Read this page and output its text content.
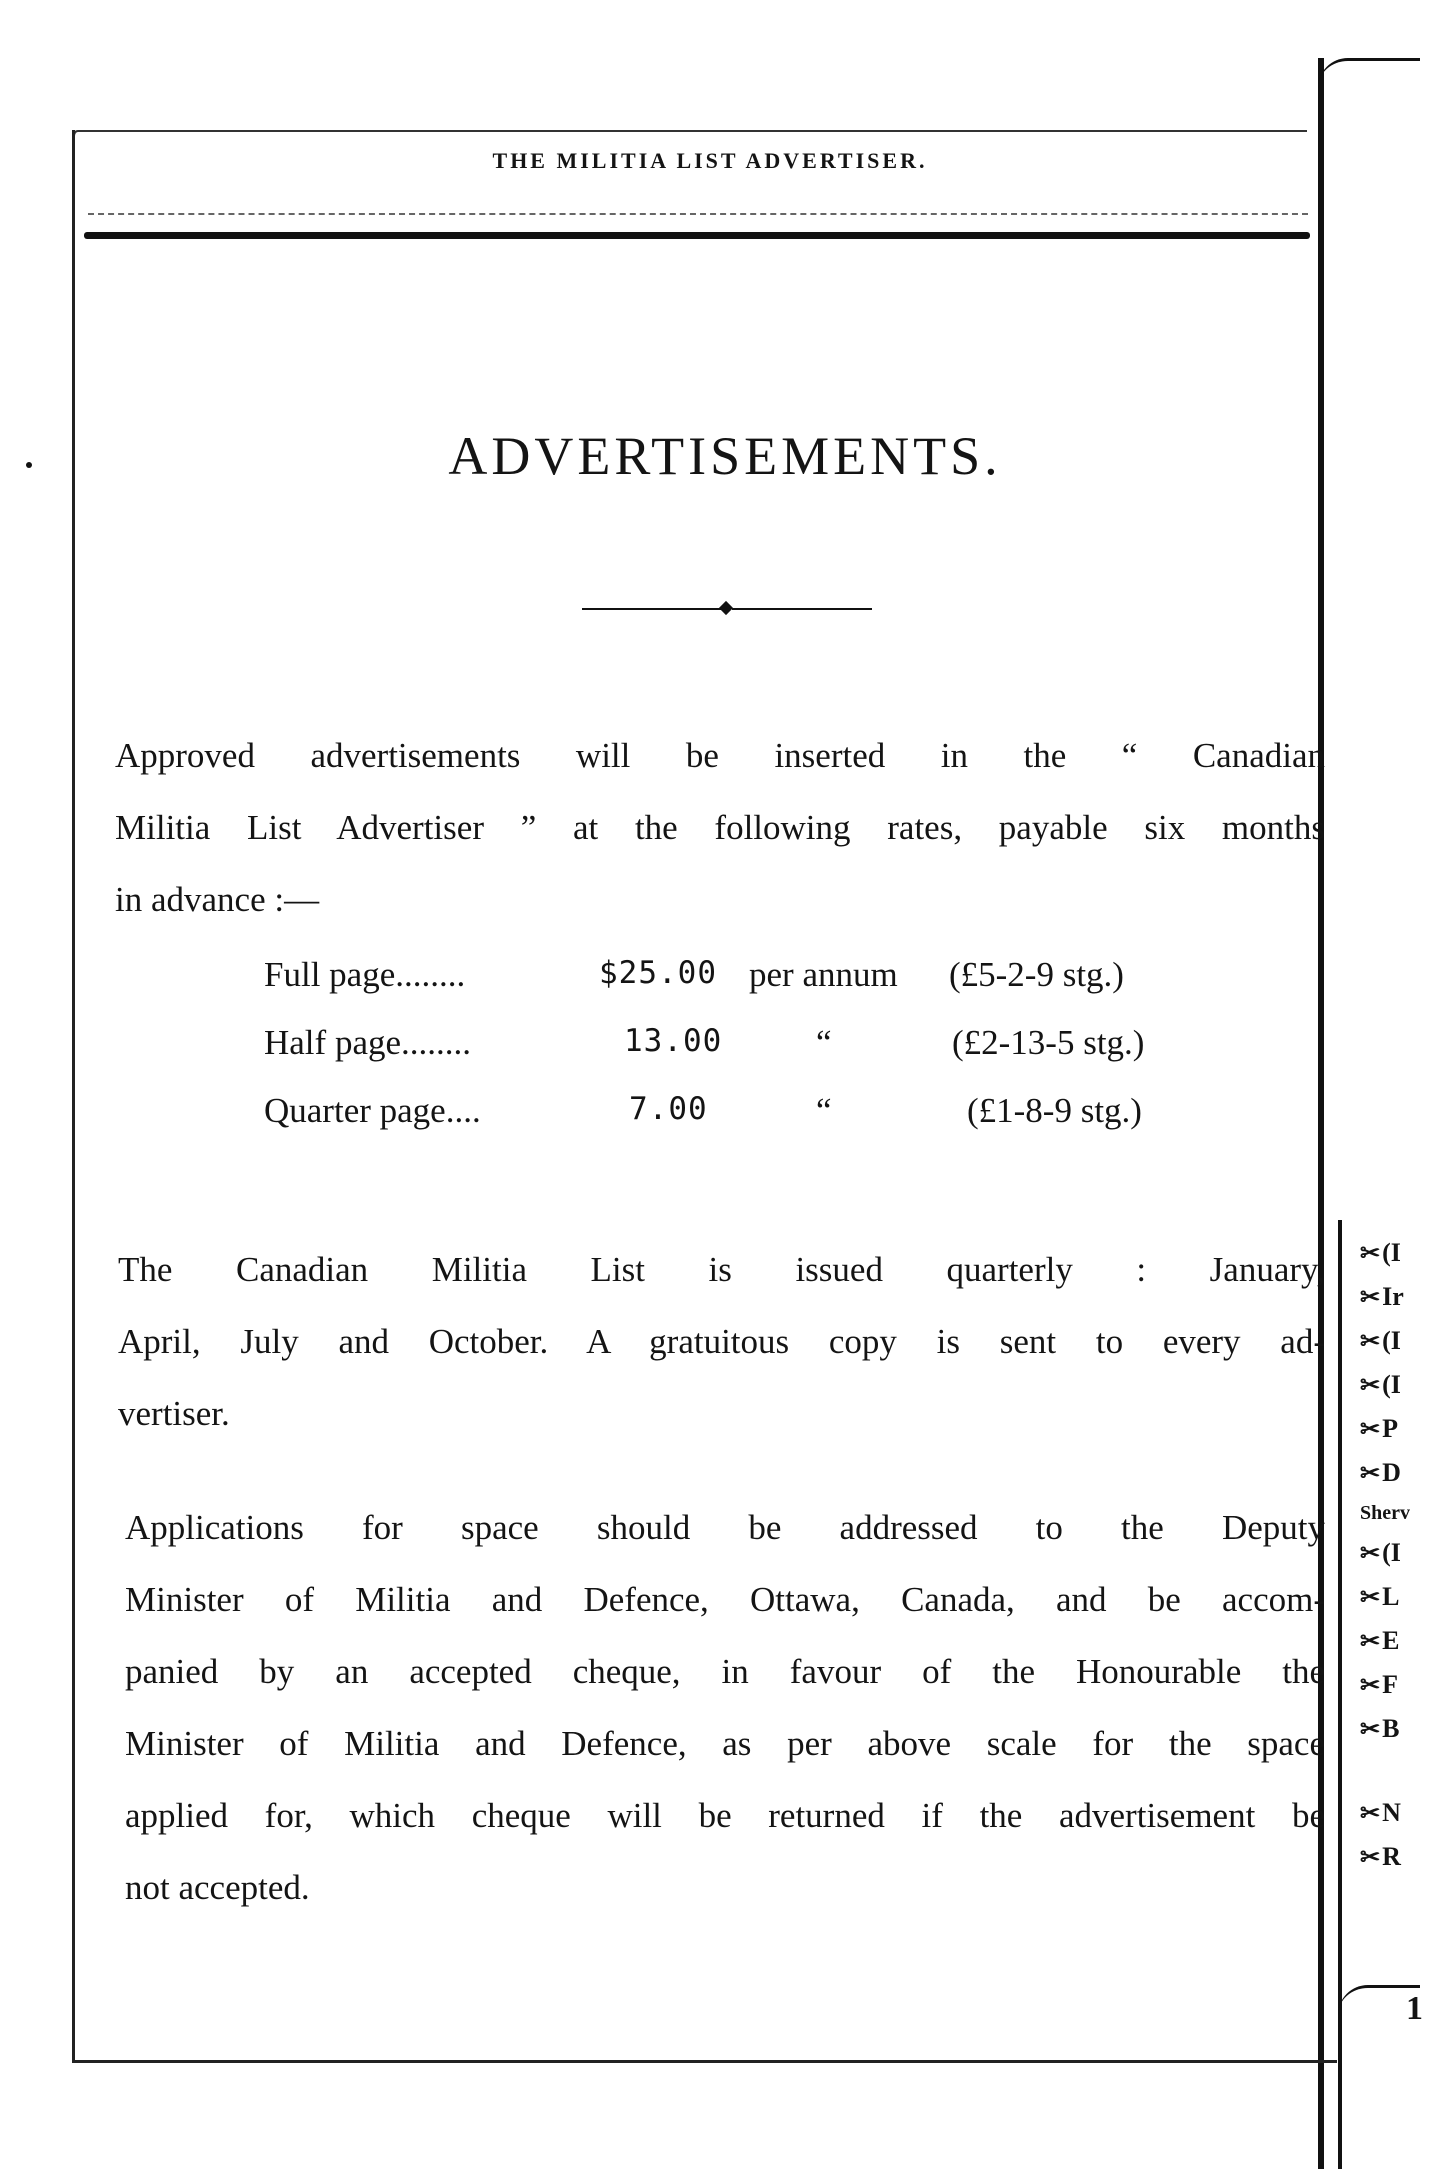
THE MILITIA LIST ADVERTISER.
ADVERTISEMENTS.
Approved advertisements will be inserted in the “ Canadian
Militia List Advertiser ” at the following rates, payable six months
in advance :—
Full page........	$25.00 per annum (£5-2-9 stg.)
Half page........	13.00	“	(£2-13-5 stg.)
Quarter page....	7.00	“	(£1-8-9 stg.)
The Canadian Militia List is issued quarterly : January,
April, July and October. A gratuitous copy is sent to every ad-
vertiser.
Applications for space should be addressed to the Deputy
Minister of Militia and Defence, Ottawa, Canada, and be accom-
panied by an accepted cheque, in favour of the Honourable the
Minister of Militia and Defence, as per above scale for the space
applied for, which cheque will be returned if the advertisement be
not accepted.
✂(I
✂Ir
✂(I
✂(I
✂P
✂D
Sherv
✂(I
✂L
✂E
✂F
✂B
✂N
✂R
1
